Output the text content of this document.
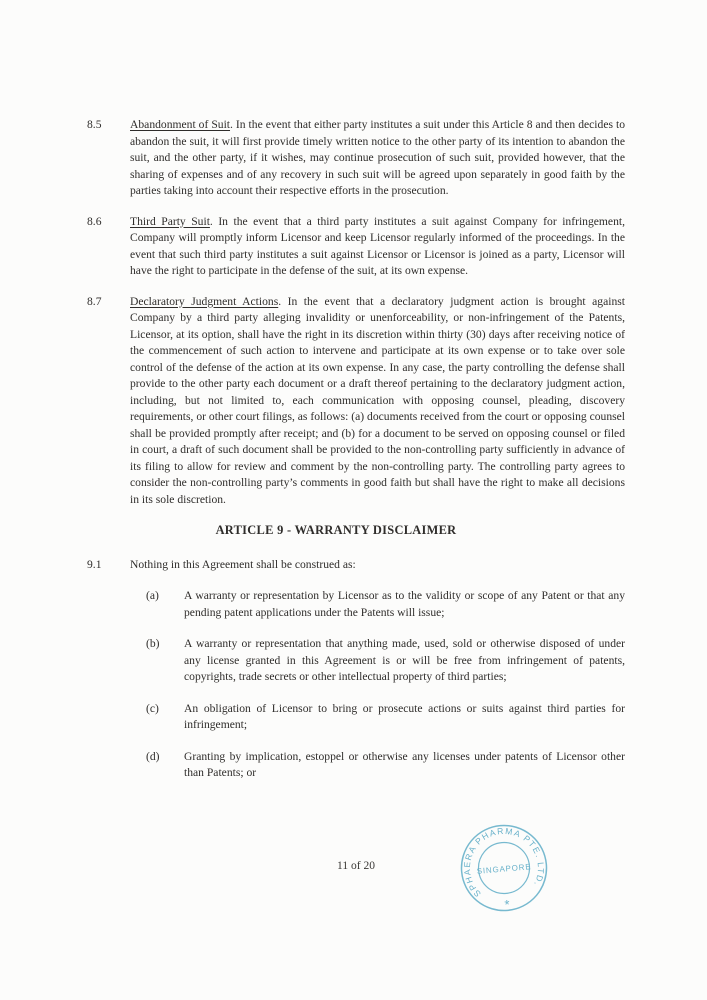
8.5	Abandonment of Suit. In the event that either party institutes a suit under this Article 8 and then decides to abandon the suit, it will first provide timely written notice to the other party of its intention to abandon the suit, and the other party, if it wishes, may continue prosecution of such suit, provided however, that the sharing of expenses and of any recovery in such suit will be agreed upon separately in good faith by the parties taking into account their respective efforts in the prosecution.

8.6	Third Party Suit. In the event that a third party institutes a suit against Company for infringement, Company will promptly inform Licensor and keep Licensor regularly informed of the proceedings. In the event that such third party institutes a suit against Licensor or Licensor is joined as a party, Licensor will have the right to participate in the defense of the suit, at its own expense.

8.7	Declaratory Judgment Actions. In the event that a declaratory judgment action is brought against Company by a third party alleging invalidity or unenforceability, or non-infringement of the Patents, Licensor, at its option, shall have the right in its discretion within thirty (30) days after receiving notice of the commencement of such action to intervene and participate at its own expense or to take over sole control of the defense of the action at its own expense. In any case, the party controlling the defense shall provide to the other party each document or a draft thereof pertaining to the declaratory judgment action, including, but not limited to, each communication with opposing counsel, pleading, discovery requirements, or other court filings, as follows: (a) documents received from the court or opposing counsel shall be provided promptly after receipt; and (b) for a document to be served on opposing counsel or filed in court, a draft of such document shall be provided to the non-controlling party sufficiently in advance of its filing to allow for review and comment by the non-controlling party. The controlling party agrees to consider the non-controlling party’s comments in good faith but shall have the right to make all decisions in its sole discretion.

ARTICLE 9 - WARRANTY DISCLAIMER
9.1	Nothing in this Agreement shall be construed as:

(a)	A warranty or representation by Licensor as to the validity or scope of any Patent or that any pending patent applications under the Patents will issue;

(b)	A warranty or representation that anything made, used, sold or otherwise disposed of under any license granted in this Agreement is or will be free from infringement of patents, copyrights, trade secrets or other intellectual property of third parties;

(c)	An obligation of Licensor to bring or prosecute actions or suits against third parties for infringement;

(d)	Granting by implication, estoppel or otherwise any licenses under patents of Licensor other than Patents; or

11 of 20
SPHAERA PHARMA PTE. LTD.
SINGAPORE
*
